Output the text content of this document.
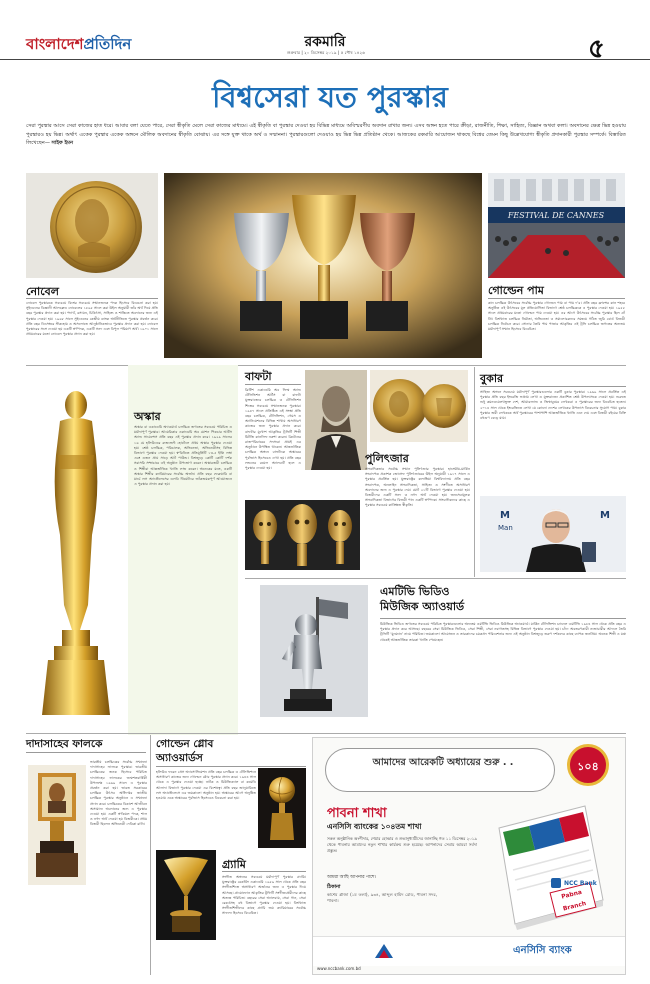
বাংলাদেশপ্রতিদিন	রকমারি
শুক্রবার | ২০ ডিসেম্বর ২০১৯ | ৫ পৌষ ১৪২৬	৫
বিশ্বসেরা যত পুরস্কার
সেরা পুরস্কার আসে সেরা কাজের হাত ধরে। আবার বলা যেতে পারে, সেরা স্বীকৃতি মেলে সেরা কাজের মাধ্যমে। এই স্বীকৃতি বা পুরস্কার দেওয়া হয় বিভিন্ন মাধ্যমে অবিস্মরণীয় অবদান রাখার জন্য। এসব অঙ্গন হতে পারে ক্রীড়া, রাজনীতি, শিক্ষা, সাহিত্য, বিজ্ঞান অথবা কলা। অবদানের ক্ষেত্র ভিন্ন হওয়ায় পুরস্কারও হয় ভিন্ন। অর্থাৎ একেক পুরস্কার একেক অঙ্গনে মৌলিক অবদানের স্বীকৃতি বোঝায়। এর সঙ্গে যুক্ত থাকে অর্থ ও সম্মাননা। পুরস্কারগুলো দেওয়াও হয় ভিন্ন ভিন্ন প্রতিষ্ঠান থেকে। আজকের রকমারি আয়োজন থাকছে বিশ্বের তেমন কিছু উল্লেখযোগ্য স্বীকৃতি প্রদানকারী পুরস্কার সম্পর্কে। বিস্তারিত লিখেছেন— সাইফ ইমন
FESTIVAL DE CANNES
নোবেল
নোবেল পুরস্কারকে সবচেয়ে বিশ্বের সবচেয়ে সম্মানজনক পদক হিসেবে বিবেচনা করা হয়। সুইডেনের বিজ্ঞানী আলফ্রেড নোবেলের ১৮৯৫ সালে করা উইল অনুযায়ী তাঁর অর্থ দিয়ে প্রতি বছর পুরস্কার প্রদান করা হয়। পদার্থ, রসায়ন, চিকিৎসা, সাহিত্য ও শান্তিতে অবদানের জন্য এই পুরস্কার দেওয়া হয়। ১৯৬৮ সালে সুইডেনের কেন্দ্রীয় ব্যাংক অর্থনীতিতে পুরস্কার প্রবর্তন করে। প্রতি বছর ডিসেম্বরে স্টকহোম ও অসলোতে আনুষ্ঠানিকভাবে পুরস্কার প্রদান করা হয়। নোবেল পুরস্কারের সঙ্গে দেওয়া হয় একটি স্বর্ণপদক, একটি সনদ এবং বিপুল পরিমাণ অর্থ। ১৯০১ সালে প্রথমবারের মতো নোবেল পুরস্কার প্রদান করা হয়।
গোল্ডেন পাম
কান চলচ্চিত্র উৎসবের সর্বোচ্চ পুরস্কার গোল্ডেন পাম বা পাম দ’র। প্রতি বছর ফ্রান্সের কান শহরে অনুষ্ঠিত এই উৎসবের মূল প্রতিযোগিতা বিভাগে শ্রেষ্ঠ চলচ্চিত্রকে এ পুরস্কার দেওয়া হয়। ১৯৫৫ সালে প্রথমবারের মতো গোল্ডেন পাম দেওয়া হয়। এর আগে উৎসবের সর্বোচ্চ পুরস্কার ছিল গ্রাঁ প্রি। বিশ্বখ্যাত চলচ্চিত্র নির্মাতা, অভিনেতা ও সমালোচকদের সমন্বয়ে গঠিত জুরি বোর্ড বিজয়ী চলচ্চিত্র নির্বাচন করে। সোনার তৈরি পাম পাতার আকৃতির এই ট্রফি চলচ্চিত্র জগতের অন্যতম মর্যাদাপূর্ণ সম্মান হিসেবে বিবেচিত।
অস্কার
অস্কার বা একাডেমি অ্যাওয়ার্ড চলচ্চিত্র জগতের সবচেয়ে পরিচিত ও মর্যাদাপূর্ণ পুরস্কার। আমেরিকার একাডেমি অব মোশন পিকচার আর্টস অ্যান্ড সায়েন্সেস প্রতি বছর এই পুরস্কার প্রদান করে। ১৯২৯ সালের ১৬ মে হলিউডের রুজভেল্ট হোটেলে প্রথম অস্কার পুরস্কার দেওয়া হয়। শ্রেষ্ঠ চলচ্চিত্র, পরিচালক, অভিনেতা, অভিনেত্রীসহ বিভিন্ন বিভাগে পুরস্কার দেওয়া হয়। স্বর্ণমণ্ডিত প্রতিমূর্তিটি ১৩.৫ ইঞ্চি লম্বা এবং ওজন প্রায় সাড়ে আট পাউন্ড। বিশ্বজুড়ে কোটি কোটি দর্শক সরাসরি সম্প্রচারে এই অনুষ্ঠান উপভোগ করেন। অস্কারজয়ী চলচ্চিত্র ও শিল্পীরা আন্তর্জাতিক খ্যাতি লাভ করেন। অনেকের মতে, একটি অস্কার শিল্পীর ক্যারিয়ারের সর্বোচ্চ অর্জন। প্রতি বছর ফেব্রুয়ারি বা মার্চে লস অ্যাঞ্জেলেসের ডলবি থিয়েটারে জাঁকজমকপূর্ণ আয়োজনে এ পুরস্কার প্রদান করা হয়।
বাফটা
ব্রিটিশ একাডেমি অব ফিল্ম অ্যান্ড টেলিভিশন আর্টস বা বাফটা যুক্তরাজ্যের চলচ্চিত্র ও টেলিভিশন শিল্পের সবচেয়ে সম্মানজনক পুরস্কার। ১৯৪৭ সালে প্রতিষ্ঠিত এই সংস্থা প্রতি বছর চলচ্চিত্র, টেলিভিশন, গেমস ও অ্যানিমেশনের বিভিন্ন শাখায় অসাধারণ কাজের জন্য পুরস্কার প্রদান করে। বাফটার মুখোশ আকৃতির ট্রফিটি শিল্পী মিটজি কানলিফ নকশা করেন। ব্রিটেনের রাজপরিবারের সদস্যরা প্রায়ই এর অনুষ্ঠানে উপস্থিত থাকেন। আন্তর্জাতিক চলচ্চিত্র অঙ্গনে বাফটাকে অস্কারের পূর্বাভাস হিসেবেও দেখা হয়। প্রতি বছর লন্ডনের রয়েল অ্যালবার্ট হলে এ পুরস্কার দেওয়া হয়।
পুলিৎজার
সাংবাদিকতার সর্বোচ্চ সম্মান পুলিৎজার পুরস্কার। হাঙ্গেরীয়-মার্কিন সংবাদপত্র প্রকাশক জোসেফ পুলিৎজারের উইল অনুযায়ী ১৯১৭ সালে এ পুরস্কার প্রবর্তিত হয়। যুক্তরাষ্ট্রের কলাম্বিয়া বিশ্ববিদ্যালয় প্রতি বছর সংবাদপত্র, অনলাইন সাংবাদিকতা, সাহিত্য ও সংগীতে অসাধারণ অবদানের জন্য এ পুরস্কার দেয়। মোট ২১টি বিভাগে পুরস্কার দেওয়া হয়। বিজয়ীদের একটি সনদ ও নগদ অর্থ দেওয়া হয়। জনসেবামূলক সাংবাদিকতা বিভাগের বিজয়ী পান একটি স্বর্ণপদক। সাংবাদিকদের কাছে এ পুরস্কার সবচেয়ে কাঙ্ক্ষিত স্বীকৃতি।
বুকার
সাহিত্য অঙ্গনে সবচেয়ে মর্যাদাপূর্ণ পুরস্কারগুলোর একটি বুকার পুরস্কার। ১৯৬৯ সালে প্রবর্তিত এই পুরস্কার প্রতি বছর ইংরেজি ভাষায় লেখা ও যুক্তরাজ্যে প্রকাশিত শ্রেষ্ঠ উপন্যাসকে দেওয়া হয়। শুরুতে শুধু কমনওয়েলথভুক্ত দেশ, আয়ারল্যান্ড ও জিম্বাবুয়ের লেখকরা এ পুরস্কারের জন্য বিবেচিত হতেন। ২০১৪ সাল থেকে ইংরেজিতে লেখা যে কোনো দেশের লেখকের উপন্যাস বিবেচনার সুযোগ পায়। বুকার পুরস্কার জয়ী লেখককে অর্থ পুরস্কারের পাশাপাশি আন্তর্জাতিক খ্যাতি এনে দেয় এবং বিজয়ী বইয়ের বিক্রি বহুগুণ বেড়ে যায়।
M
Man
M
এমটিভি ভিডিও
মিউজিক অ্যাওয়ার্ড
মিউজিক ভিডিও জগতের সবচেয়ে পরিচিত পুরস্কারগুলোর অন্যতম এমটিভি ভিডিও মিউজিক অ্যাওয়ার্ড। মার্কিন টেলিভিশন চ্যানেল এমটিভি ১৯৮৪ সাল থেকে প্রতি বছর এ পুরস্কার প্রদান করে আসছে। বছরের সেরা মিউজিক ভিডিও, সেরা শিল্পী, সেরা নবাগতসহ বিভিন্ন বিভাগে পুরস্কার দেওয়া হয়। চাঁদে অবতরণকারী নভোচারীর আদলে তৈরি ট্রফিটি ‘মুনম্যান’ নামে পরিচিত। জমকালো আয়োজন ও তারকাদের চমকপ্রদ পরিবেশনার জন্য এই অনুষ্ঠান বিশ্বজুড়ে তরুণ দর্শকদের কাছে ব্যাপক জনপ্রিয়। অনেক শিল্পী এ মঞ্চ থেকেই আন্তর্জাতিক তারকা খ্যাতি পেয়েছেন।
দাদাসাহেব ফালকে
ভারতীয় চলচ্চিত্রের সর্বোচ্চ সম্মাননা দাদাসাহেব ফালকে পুরস্কার। ভারতীয় চলচ্চিত্রের জনক হিসেবে পরিচিত দাদাসাহেব ফালকের জন্মশতবার্ষিকী উপলক্ষে ১৯৬৯ সালে এ পুরস্কার প্রবর্তন করা হয়। ভারত সরকারের চলচ্চিত্র উৎসব অধিদপ্তর জাতীয় চলচ্চিত্র পুরস্কার অনুষ্ঠানে এ সম্মাননা প্রদান করে। চলচ্চিত্রের বিকাশে আজীবন অসামান্য অবদানের জন্য এ পুরস্কার দেওয়া হয়। একটি স্বর্ণকমল পদক, শাল ও নগদ অর্থ দেওয়া হয় বিজয়ীকে। প্রথম বিজয়ী ছিলেন অভিনেত্রী দেবিকা রানি।
গোল্ডেন গ্লোব
অ্যাওয়ার্ডস
হলিউড ফরেন প্রেস অ্যাসোসিয়েশন প্রতি বছর চলচ্চিত্র ও টেলিভিশনে অসাধারণ কাজের জন্য গোল্ডেন গ্লোব পুরস্কার প্রদান করে। ১৯৪৪ সাল থেকে এ পুরস্কার দেওয়া হচ্ছে। নাটক ও মিউজিক্যাল বা কমেডি আলাদা বিভাগে পুরস্কার দেওয়া এর বিশেষত্ব। প্রতি বছর জানুয়ারিতে লস অ্যাঞ্জেলেসে এর জমকালো অনুষ্ঠান হয়। অস্কারের আগে অনুষ্ঠিত হওয়ায় একে অস্কারের পূর্বাভাস হিসেবেও বিবেচনা করা হয়।
গ্র্যামি
সংগীত অঙ্গনের সবচেয়ে মর্যাদাপূর্ণ পুরস্কার গ্র্যামি। যুক্তরাষ্ট্রের রেকর্ডিং একাডেমি ১৯৫৯ সাল থেকে প্রতি বছর সংগীতশিল্পে অসাধারণ অর্জনের জন্য এ পুরস্কার দিয়ে আসছে। গ্রামোফোন আকৃতির ট্রফিটি সংগীতপ্রেমীদের কাছে অত্যন্ত পরিচিত। বছরের সেরা অ্যালবাম, সেরা গান, সেরা রেকর্ডসহ বহু বিভাগে পুরস্কার দেওয়া হয়। বিশ্বখ্যাত সংগীতশিল্পীদের কাছে গ্র্যামি জয় ক্যারিয়ারের সর্বোচ্চ সাফল্য হিসেবে বিবেচিত।
আমাদের আরেকটি অধ্যায়ের শুরু . .	১০৪
পাবনা শাখা
এনসিসি ব্যাংকের ১০৪তম শাখা
সকল অনুষ্ঠানিক অংশীদার, শেয়ার হোল্ডার ও শুভানুধ্যায়ীদের জানাচ্ছি গত ১১ ডিসেম্বর ২০১৯ থেকে পাবনায় আমাদের নতুন শাখার কার্যক্রম শুরু হয়েছে। আপনাদের সেবায় আমরা সর্বদা প্রস্তুত।
আমরা আছি আপনার পাশে।
ঠিকানা
কাশেম প্লাজা (১ম তলা), ৯৩৪, আব্দুল হামিদ রোড, পাবনা সদর, পাবনা।	Pabna Branch
NCC Bank
এনসিসি ব্যাংক
www.nccbank.com.bd
